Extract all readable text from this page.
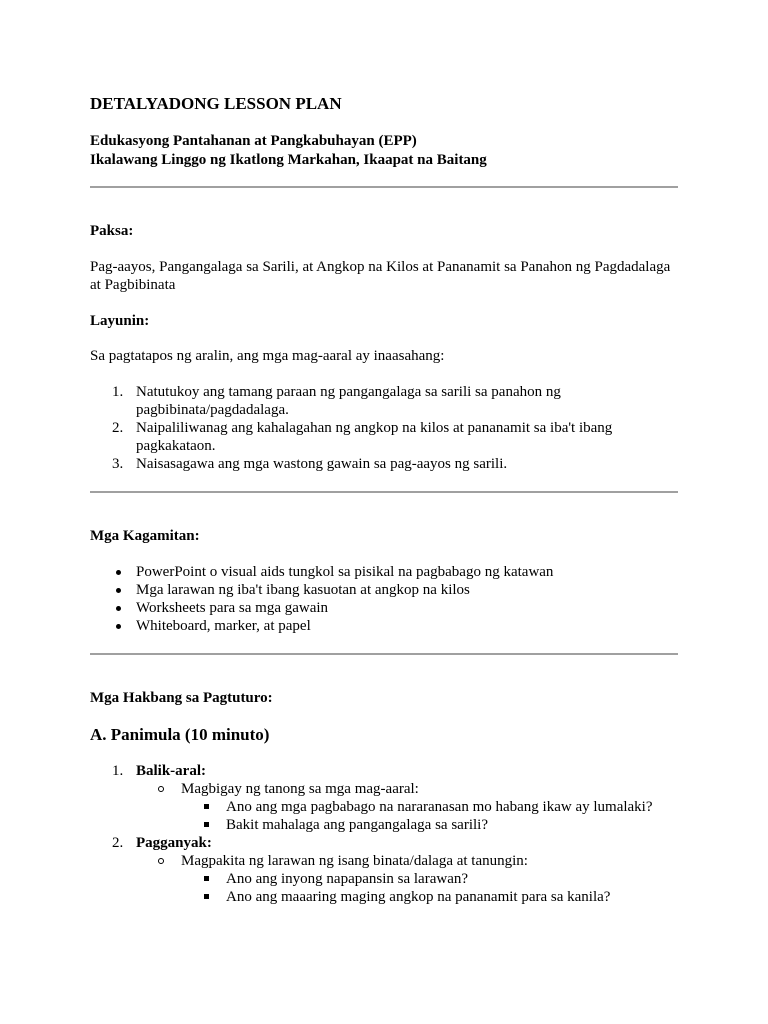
DETALYADONG LESSON PLAN

Edukasyong Pantahanan at Pangkabuhayan (EPP)

Ikalawang Linggo ng Ikatlong Markahan, Ikaapat na Baitang

Paksa:

Pag-aayos, Pangangalaga sa Sarili, at Angkop na Kilos at Pananamit sa Panahon ng Pagdadalaga at Pagbibinata

Layunin:

Sa pagtatapos ng aralin, ang mga mag-aaral ay inaasahang:

1. Natutukoy ang tamang paraan ng pangangalaga sa sarili sa panahon ng pagbibinata/pagdadalaga.
2. Naipaliliwanag ang kahalagahan ng angkop na kilos at pananamit sa iba't ibang pagkakataon.
3. Naisasagawa ang mga wastong gawain sa pag-aayos ng sarili.

Mga Kagamitan:

PowerPoint o visual aids tungkol sa pisikal na pagbabago ng katawan
Mga larawan ng iba't ibang kasuotan at angkop na kilos
Worksheets para sa mga gawain
Whiteboard, marker, at papel

Mga Hakbang sa Pagtuturo:

A. Panimula (10 minuto)

1. Balik-aral:
Magbigay ng tanong sa mga mag-aaral:
Ano ang mga pagbabago na nararanasan mo habang ikaw ay lumalaki?
Bakit mahalaga ang pangangalaga sa sarili?
2. Pagganyak:
Magpakita ng larawan ng isang binata/dalaga at tanungin:
Ano ang inyong napapansin sa larawan?
Ano ang maaaring maging angkop na pananamit para sa kanila?
